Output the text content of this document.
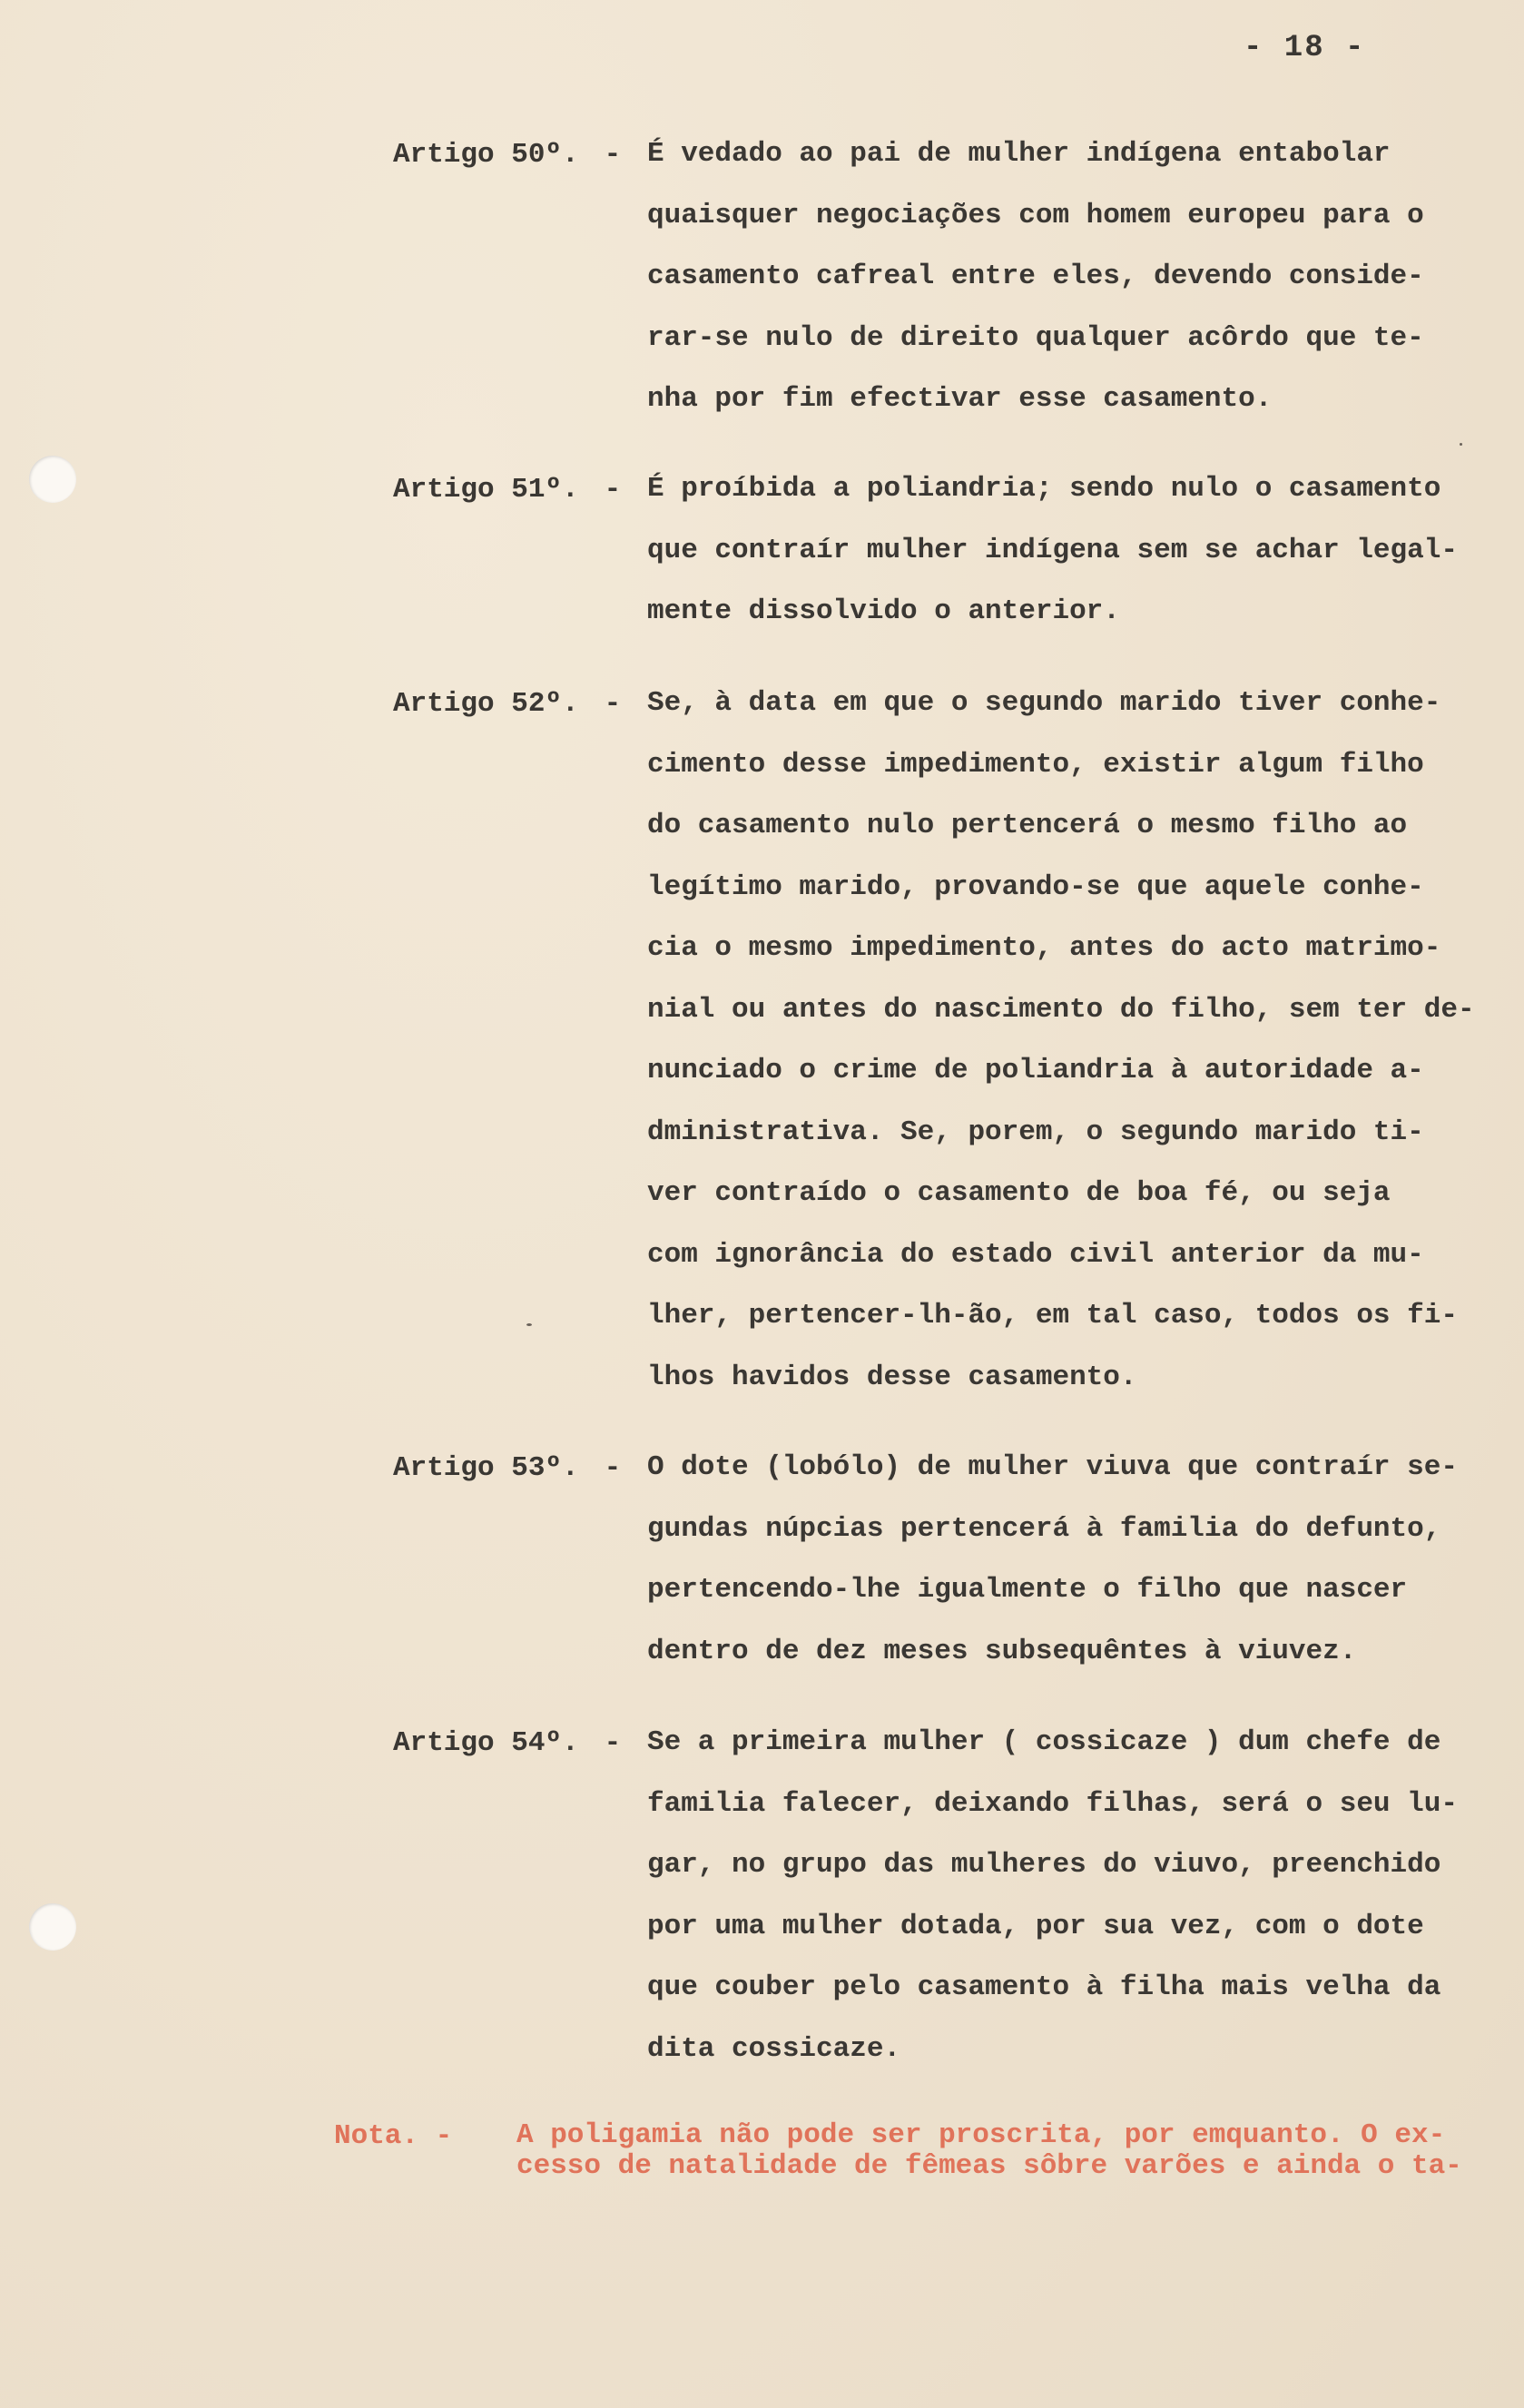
- 18 -
Artigo 50º. - É vedado ao pai de mulher indígena entabolar
quaisquer negociações com homem europeu para o
casamento cafreal entre eles, devendo conside-
rar-se nulo de direito qualquer acôrdo que te-
nha por fim efectivar esse casamento.
Artigo 51º. - É proíbida a poliandria; sendo nulo o casamento
que contraír mulher indígena sem se achar legal-
mente dissolvido o anterior.
Artigo 52º. - Se, à data em que o segundo marido tiver conhe-
cimento desse impedimento, existir algum filho
do casamento nulo pertencerá o mesmo filho ao
legítimo marido, provando-se que aquele conhe-
cia o mesmo impedimento, antes do acto matrimo-
nial ou antes do nascimento do filho, sem ter de-
nunciado o crime de poliandria à autoridade a-
dministrativa. Se, porem, o segundo marido ti-
ver contraído o casamento de boa fé, ou seja
com ignorância do estado civil anterior da mu-
lher, pertencer-lh-ão, em tal caso, todos os fi-
lhos havidos desse casamento.
Artigo 53º. - O dote (lobólo) de mulher viuva que contraír se-
gundas núpcias pertencerá à familia do defunto,
pertencendo-lhe igualmente o filho que nascer
dentro de dez meses subsequêntes à viuvez.
Artigo 54º. - Se a primeira mulher ( cossicaze ) dum chefe de
familia falecer, deixando filhas, será o seu lu-
gar, no grupo das mulheres do viuvo, preenchido
por uma mulher dotada, por sua vez, com o dote
que couber pelo casamento à filha mais velha da
dita cossicaze.
Nota. - A poligamia não pode ser proscrita, por emquanto. O ex-
cesso de natalidade de fêmeas sôbre varões e ainda o ta-
